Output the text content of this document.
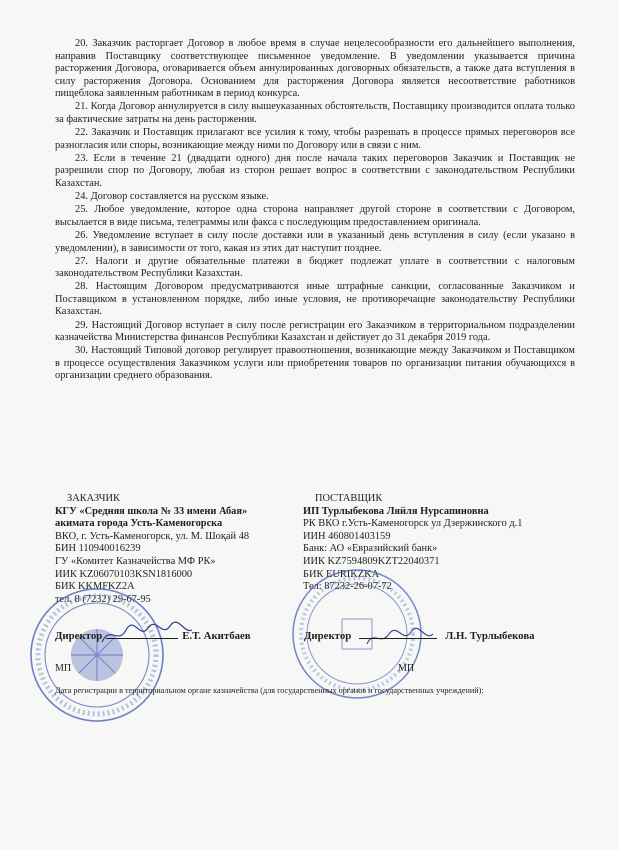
20. Заказчик расторгает Договор в любое время в случае нецелесообразности его дальнейшего выполнения, направив Поставщику соответствующее письменное уведомление. В уведомлении указывается причина расторжения Договора, оговаривается объем аннулированных договорных обязательств, а также дата вступления в силу расторжения Договора. Основанием для расторжения Договора является несоответствие работников пищеблока заявленным работникам в период конкурса.

21. Когда Договор аннулируется в силу вышеуказанных обстоятельств, Поставщику производится оплата только за фактические затраты на день расторжения.

22. Заказчик и Поставщик прилагают все усилия к тому, чтобы разрешать в процессе прямых переговоров все разногласия или споры, возникающие между ними по Договору или в связи с ним.

23. Если в течение 21 (двадцати одного) дня после начала таких переговоров Заказчик и Поставщик не разрешили спор по Договору, любая из сторон решает вопрос в соответствии с законодательством Республики Казахстан.

24. Договор составляется на русском языке.

25. Любое уведомление, которое одна сторона направляет другой стороне в соответствии с Договором, высылается в виде письма, телеграммы или факса с последующим предоставлением оригинала.

26. Уведомление вступает в силу после доставки или в указанный день вступления в силу (если указано в уведомлении), в зависимости от того, какая из этих дат наступит позднее.

27. Налоги и другие обязательные платежи в бюджет подлежат уплате в соответствии с налоговым законодательством Республики Казахстан.

28. Настоящим Договором предусматриваются иные штрафные санкции, согласованные Заказчиком и Поставщиком в установленном порядке, либо иные условия, не противоречащие законодательству Республики Казахстан.

29. Настоящий Договор вступает в силу после регистрации его Заказчиком в территориальном подразделении казначейства Министерства финансов Республики Казахстан и действует до 31 декабря 2019 года.

30. Настоящий Типовой договор регулирует правоотношения, возникающие между Заказчиком и Поставщиком в процессе осуществления Заказчиком услуги или приобретения товаров по организации питания обучающихся в организации среднего образования.

ЗАКАЗЧИК
КГУ «Средняя школа № 33 имени Абая»
акимата города Усть-Каменогорска
ВКО, г. Усть-Каменогорск, ул. М. Шоқай 48
БИН 110940016239
ГУ «Комитет Казначейства МФ РК»
ИИК KZ06070103KSN1816000
БИК KKMFKZ2A
тел. 8 (7232) 29-67-95
ПОСТАВЩИК
ИП Турлыбекова Ляйля Нурсапиновна
РК ВКО г.Усть-Каменогорск ул Дзержинского д.1
ИИН 460801403159
Банк: АО «Евразийский банк»
ИИК KZ7594809KZT22040371
БИК EURIKZKA
Тел: 87232-26-07-72
Директор	Е.Т. Акитбаев	Директор	Л.Н. Турлыбекова
МП	МП
Дата регистрации в территориальном органе казначейства (для государственных органов и государственных учреждений):
